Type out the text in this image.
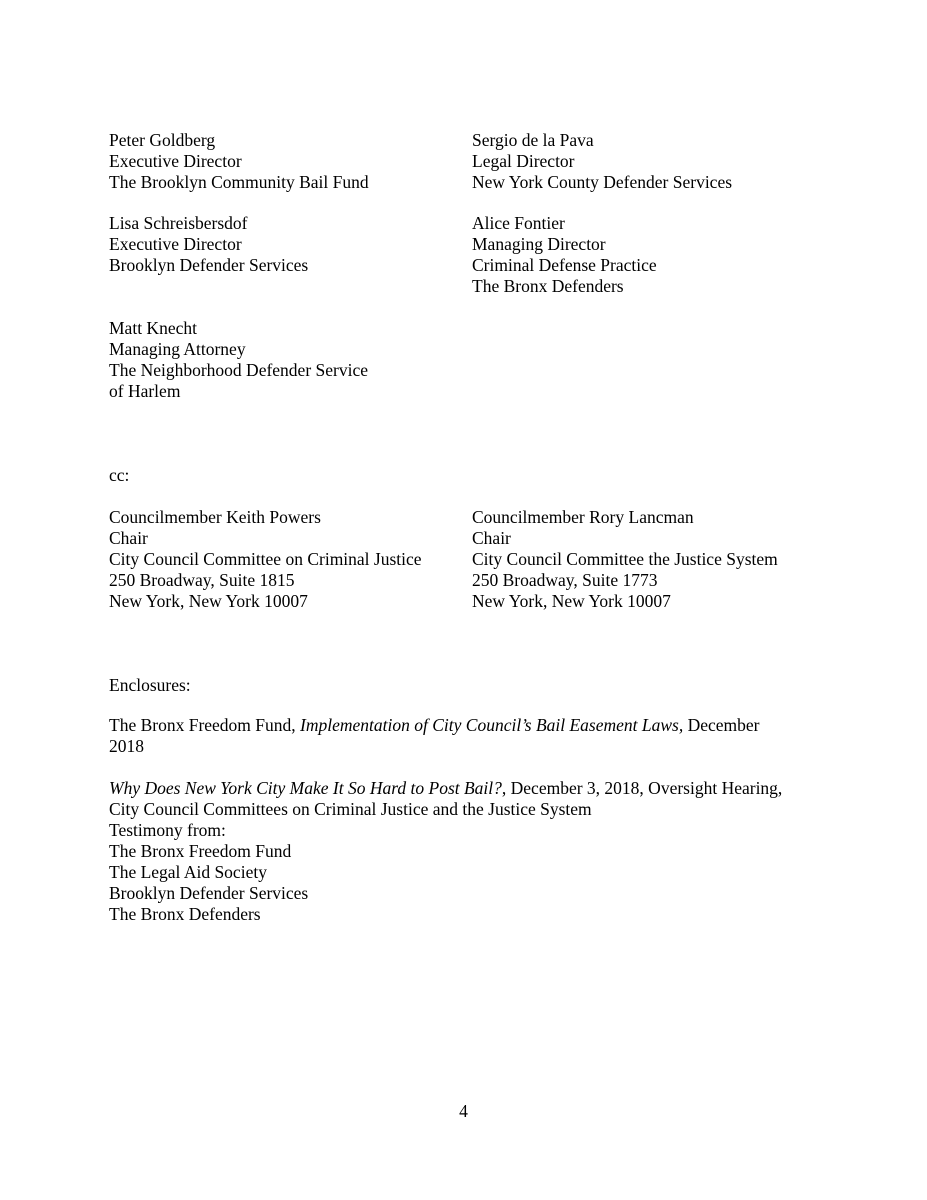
Peter Goldberg
Executive Director
The Brooklyn Community Bail Fund
Lisa Schreisbersdof
Executive Director
Brooklyn Defender Services
Matt Knecht
Managing Attorney
The Neighborhood Defender Service
of Harlem
Sergio de la Pava
Legal Director
New York County Defender Services
Alice Fontier
Managing Director
Criminal Defense Practice
The Bronx Defenders
cc:
Councilmember Keith Powers
Chair
City Council Committee on Criminal Justice
250 Broadway, Suite 1815
New York, New York 10007
Councilmember Rory Lancman
Chair
City Council Committee the Justice System
250 Broadway, Suite 1773
New York, New York 10007
Enclosures:
The Bronx Freedom Fund, Implementation of City Council’s Bail Easement Laws, December
2018
Why Does New York City Make It So Hard to Post Bail?, December 3, 2018, Oversight Hearing,
City Council Committees on Criminal Justice and the Justice System
Testimony from:
The Bronx Freedom Fund
The Legal Aid Society
Brooklyn Defender Services
The Bronx Defenders
4
